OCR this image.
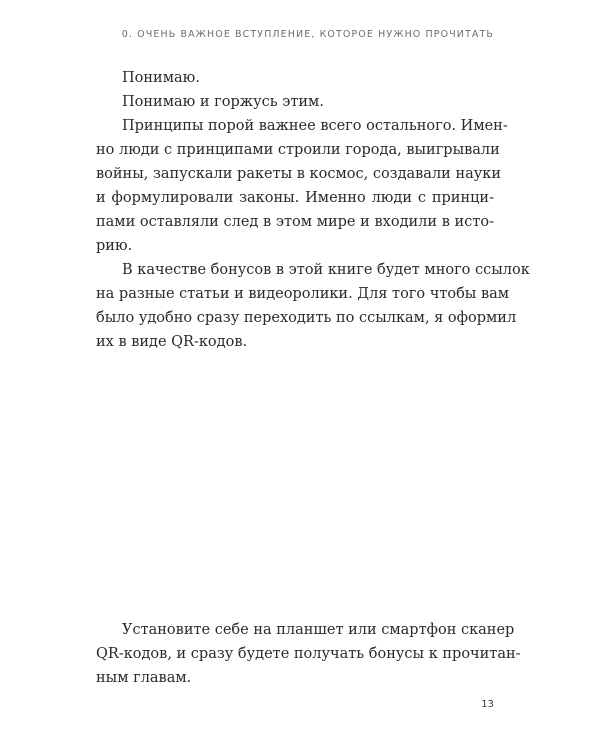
0. ОЧЕНЬ ВАЖНОЕ ВСТУПЛЕНИЕ, КОТОРОЕ НУЖНО ПРОЧИТАТЬ
Понимаю.
Понимаю и горжусь этим.
Принципы порой важнее всего остального. Имен-
но люди с принципами строили города, выигрывали
войны, запускали ракеты в космос, создавали науки
и формулировали законы. Именно люди с принци-
пами оставляли след в этом мире и входили в исто-
рию.
В качестве бонусов в этой книге будет много ссылок
на разные статьи и видеоролики. Для того чтобы вам
было удобно сразу переходить по ссылкам, я оформил
их в виде QR-кодов.
Установите себе на планшет или смартфон сканер
QR-кодов, и сразу будете получать бонусы к прочитан-
ным главам.
13
